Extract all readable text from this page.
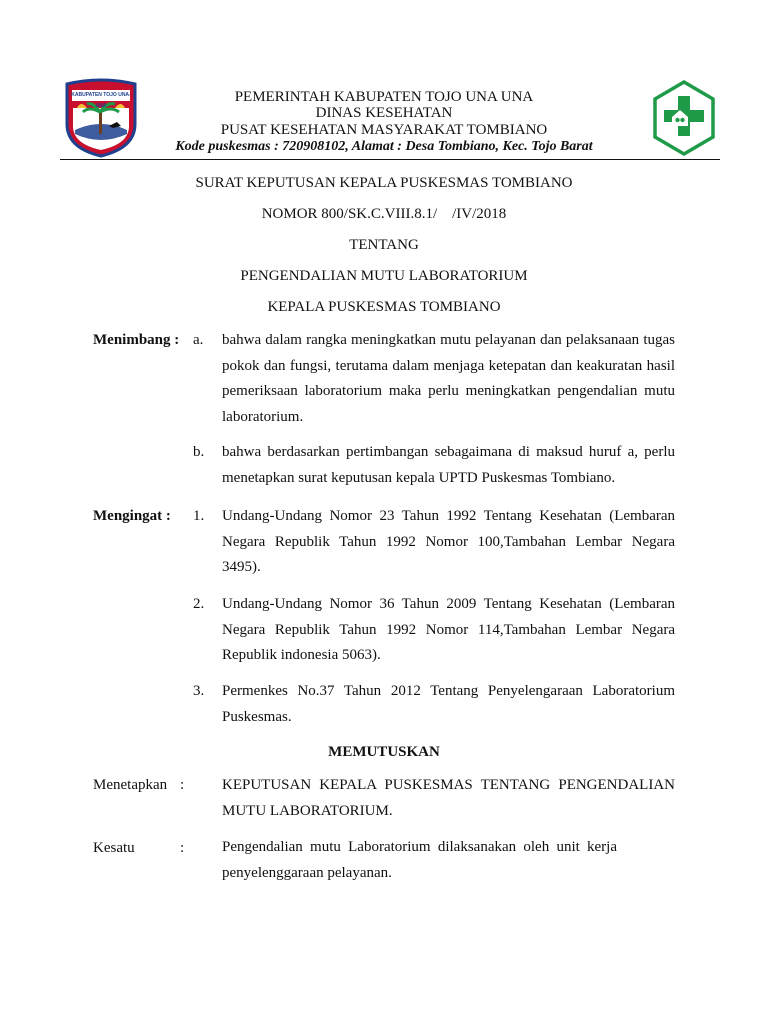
KABUPATEN TOJO UNA-UNA
PEMERINTAH KABUPATEN TOJO UNA UNA
DINAS KESEHATAN
PUSAT KESEHATAN MASYARAKAT TOMBIANO
Kode puskesmas : 720908102, Alamat : Desa Tombiano, Kec. Tojo Barat
SURAT KEPUTUSAN KEPALA PUSKESMAS TOMBIANO
NOMOR 800/SK.C.VIII.8.1/    /IV/2018
TENTANG
PENGENDALIAN MUTU LABORATORIUM
KEPALA PUSKESMAS TOMBIANO
Menimbang : a. bahwa dalam rangka meningkatkan mutu pelayanan dan pelaksanaan tugas pokok dan fungsi, terutama dalam menjaga ketepatan dan keakuratan hasil pemeriksaan laboratorium maka perlu meningkatkan pengendalian mutu laboratorium.
b. bahwa berdasarkan pertimbangan sebagaimana di maksud huruf a, perlu menetapkan surat keputusan kepala UPTD Puskesmas Tombiano.
Mengingat : 1. Undang-Undang Nomor 23 Tahun 1992 Tentang Kesehatan (Lembaran Negara Republik Tahun 1992 Nomor 100,Tambahan Lembar Negara 3495).
2. Undang-Undang Nomor 36 Tahun 2009 Tentang Kesehatan (Lembaran Negara Republik Tahun 1992 Nomor 114,Tambahan Lembar Negara Republik indonesia 5063).
3. Permenkes No.37 Tahun 2012 Tentang Penyelengaraan Laboratorium Puskesmas.
MEMUTUSKAN
Menetapkan :	KEPUTUSAN KEPALA PUSKESMAS TENTANG PENGENDALIAN MUTU LABORATORIUM.
Kesatu	:	Pengendalian mutu Laboratorium dilaksanakan oleh unit kerja penyelenggaraan pelayanan.
